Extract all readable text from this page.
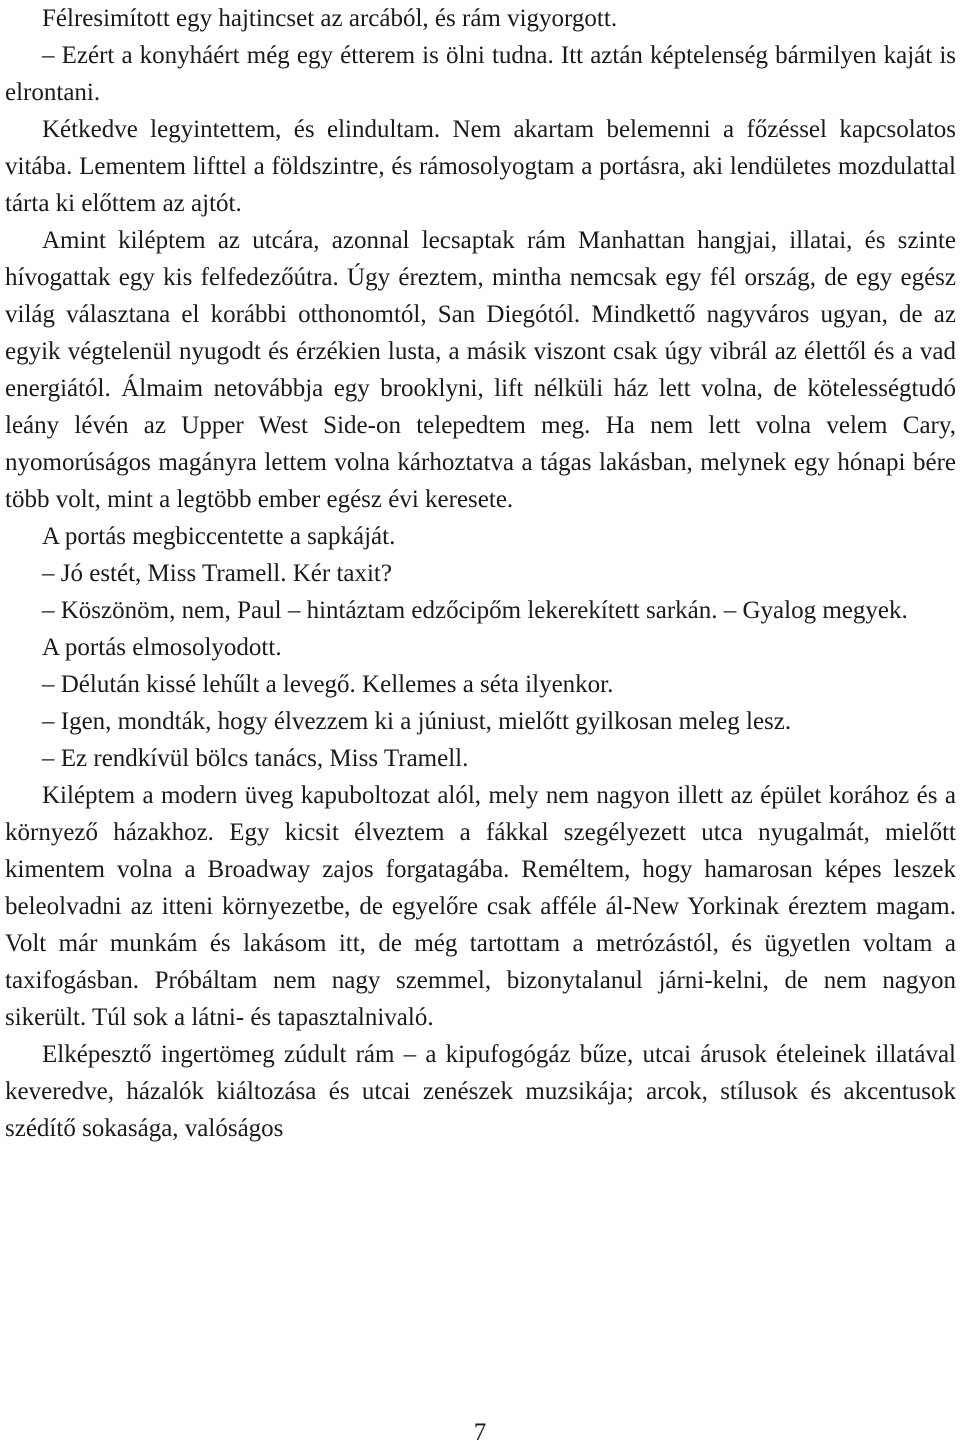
Félresimított egy hajtincset az arcából, és rám vigyorgott.

– Ezért a konyháért még egy étterem is ölni tudna. Itt aztán képtelenség bármilyen kaját is elrontani.

Kétkedve legyintettem, és elindultam. Nem akartam belemenni a főzéssel kapcsolatos vitába. Lementem lifttel a földszintre, és rámosolyogtam a portásra, aki lendületes mozdulattal tárta ki előttem az ajtót.

Amint kiléptem az utcára, azonnal lecsaptak rám Manhattan hangjai, illatai, és szinte hívogattak egy kis felfedezőútra. Úgy éreztem, mintha nemcsak egy fél ország, de egy egész világ választana el korábbi otthonomtól, San Diegótól. Mindkettő nagyváros ugyan, de az egyik végtelenül nyugodt és érzékien lusta, a másik viszont csak úgy vibrál az élettől és a vad energiától. Álmaim netovábbja egy brooklyni, lift nélküli ház lett volna, de kötelességtudó leány lévén az Upper West Side-on telepedtem meg. Ha nem lett volna velem Cary, nyomorúságos magányra lettem volna kárhoztatva a tágas lakásban, melynek egy hónapi bére több volt, mint a legtöbb ember egész évi keresete.

A portás megbiccentette a sapkáját.

– Jó estét, Miss Tramell. Kér taxit?

– Köszönöm, nem, Paul – hintáztam edzőcipőm lekerekített sarkán. – Gyalog megyek.

A portás elmosolyodott.

– Délután kissé lehűlt a levegő. Kellemes a séta ilyenkor.

– Igen, mondták, hogy élvezzem ki a júniust, mielőtt gyilkosan meleg lesz.

– Ez rendkívül bölcs tanács, Miss Tramell.

Kiléptem a modern üveg kapuboltozat alól, mely nem nagyon illett az épület korához és a környező házakhoz. Egy kicsit élveztem a fákkal szegélyezett utca nyugalmát, mielőtt kimentem volna a Broadway zajos forgatagába. Reméltem, hogy hamarosan képes leszek beleolvadni az itteni környezetbe, de egyelőre csak afféle ál-New Yorkinak éreztem magam. Volt már munkám és lakásom itt, de még tartottam a metrózástól, és ügyetlen voltam a taxifogásban. Próbáltam nem nagy szemmel, bizonytalanul járni-kelni, de nem nagyon sikerült. Túl sok a látni- és tapasztalnivaló.

Elképesztő ingertömeg zúdult rám – a kipufogógáz bűze, utcai árusok ételeinek illatával keveredve, házalók kiáltozása és utcai zenészek muzsikája; arcok, stílusok és akcentusok szédítő sokasága, valóságos

7
